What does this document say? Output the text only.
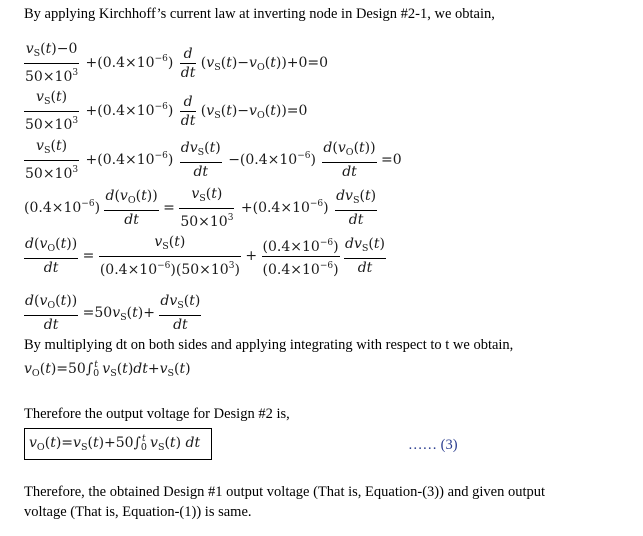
By applying Kirchhoff’s current law at inverting node in Design #2-1, we obtain,
$\frac{v_S(t)-0}{50\times 10^3} +(0.4\times 10^{-6}) \frac{d}{dt} (v_S(t)-v_O(t))+0=0$
$\frac{v_S(t)}{50\times 10^3} +(0.4\times 10^{-6}) \frac{d}{dt} (v_S(t)-v_O(t))=0$
$\frac{v_S(t)}{50\times 10^3} +(0.4\times 10^{-6}) \frac{dv_S(t)}{dt} -(0.4\times 10^{-6}) \frac{d(v_O(t))}{dt} =0$
$(0.4\times 10^{-6}) \frac{d(v_O(t))}{dt} = \frac{v_S(t)}{50\times 10^3} +(0.4\times 10^{-6}) \frac{dv_S(t)}{dt}$
$\frac{d(v_O(t))}{dt} = \frac{v_S(t)}{(0.4\times 10^{-6})(50\times 10^3)} + \frac{(0.4\times 10^{-6})}{(0.4\times 10^{-6})}$
$\frac{dv_S(t)}{dt}$
$\frac{d(v_O(t))}{dt} =50v_S(t)+ \frac{dv_S(t)}{dt}$
By multiplying dt on both sides and applying integrating with respect to t we obtain,
$v_O(t)=50\int_0^t$ $v_S(t)dt+v_S(t)$
Therefore the output voltage for Design #2 is,
$v_O(t)=v_S(t)+50\int_0^t$ $v_S(t)$ dt	…… (3)
Therefore, the obtained Design #1 output voltage (That is, Equation-(3)) and given output
voltage (That is, Equation-(1)) is same.
